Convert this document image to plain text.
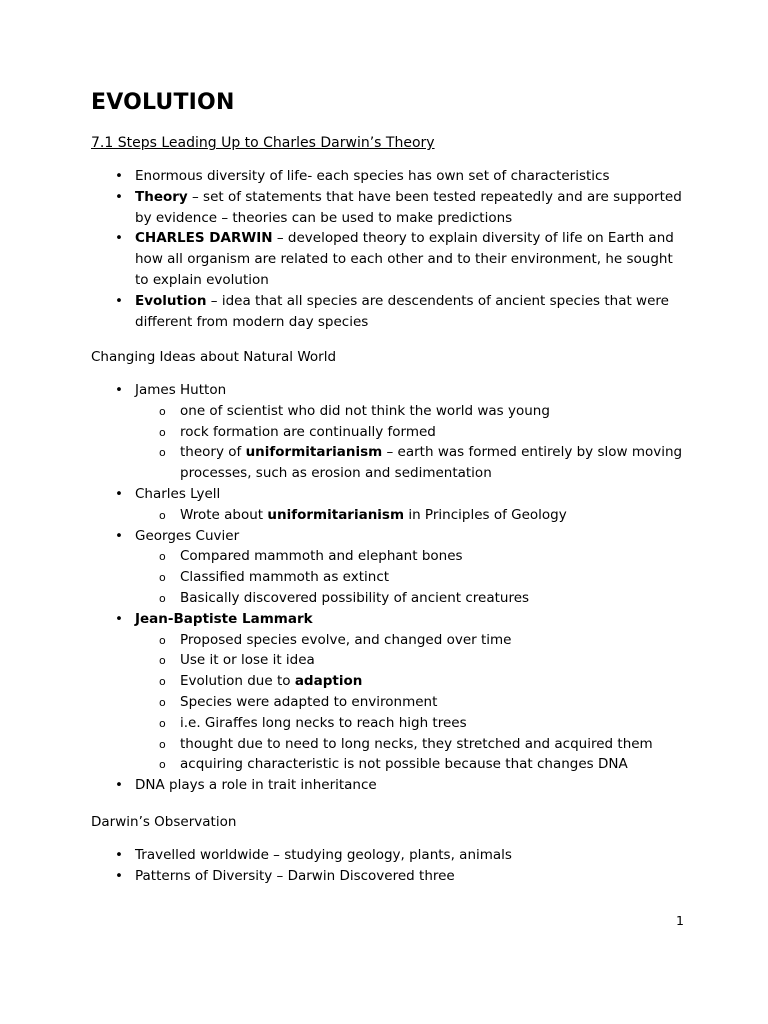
EVOLUTION
7.1 Steps Leading Up to Charles Darwin’s Theory
• Enormous diversity of life- each species has own set of characteristics
• Theory – set of statements that have been tested repeatedly and are supported by evidence – theories can be used to make predictions
• CHARLES DARWIN – developed theory to explain diversity of life on Earth and how all organism are related to each other and to their environment, he sought to explain evolution
• Evolution – idea that all species are descendents of ancient species that were different from modern day species
Changing Ideas about Natural World
• James Hutton
o one of scientist who did not think the world was young
o rock formation are continually formed
o theory of uniformitarianism – earth was formed entirely by slow moving processes, such as erosion and sedimentation
• Charles Lyell
o Wrote about uniformitarianism in Principles of Geology
• Georges Cuvier
o Compared mammoth and elephant bones
o Classified mammoth as extinct
o Basically discovered possibility of ancient creatures
• Jean-Baptiste Lammark
o Proposed species evolve, and changed over time
o Use it or lose it idea
o Evolution due to adaption
o Species were adapted to environment
o i.e. Giraffes long necks to reach high trees
o thought due to need to long necks, they stretched and acquired them
o acquiring characteristic is not possible because that changes DNA
• DNA plays a role in trait inheritance
Darwin’s Observation
• Travelled worldwide – studying geology, plants, animals
• Patterns of Diversity – Darwin Discovered three
1
